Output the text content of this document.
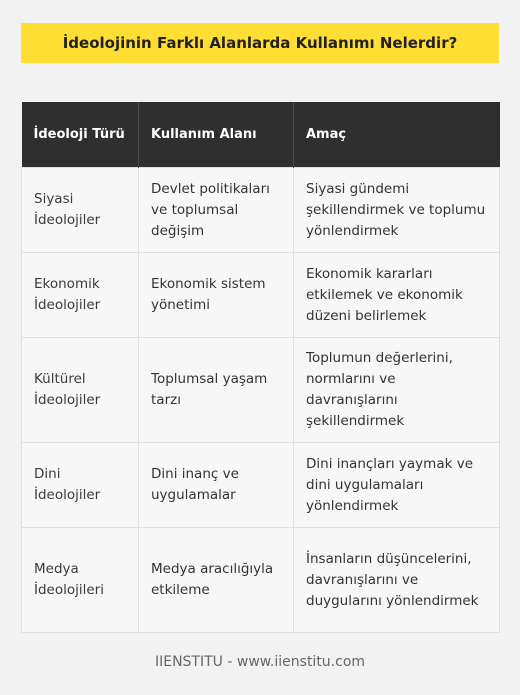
İdeolojinin Farklı Alanlarda Kullanımı Nelerdir?
İdeoloji Türü	Kullanım Alanı	Amaç
Siyasi İdeolojiler	Devlet politikaları ve toplumsal değişim	Siyasi gündemi şekillendirmek ve toplumu yönlendirmek
Ekonomik İdeolojiler	Ekonomik sistem yönetimi	Ekonomik kararları etkilemek ve ekonomik düzeni belirlemek
Kültürel İdeolojiler	Toplumsal yaşam tarzı	Toplumun değerlerini, normlarını ve davranışlarını şekillendirmek
Dini İdeolojiler	Dini inanç ve uygulamalar	Dini inançları yaymak ve dini uygulamaları yönlendirmek
Medya İdeolojileri	Medya aracılığıyla etkileme	İnsanların düşüncelerini, davranışlarını ve duygularını yönlendirmek
IIENSTITU - www.iienstitu.com
